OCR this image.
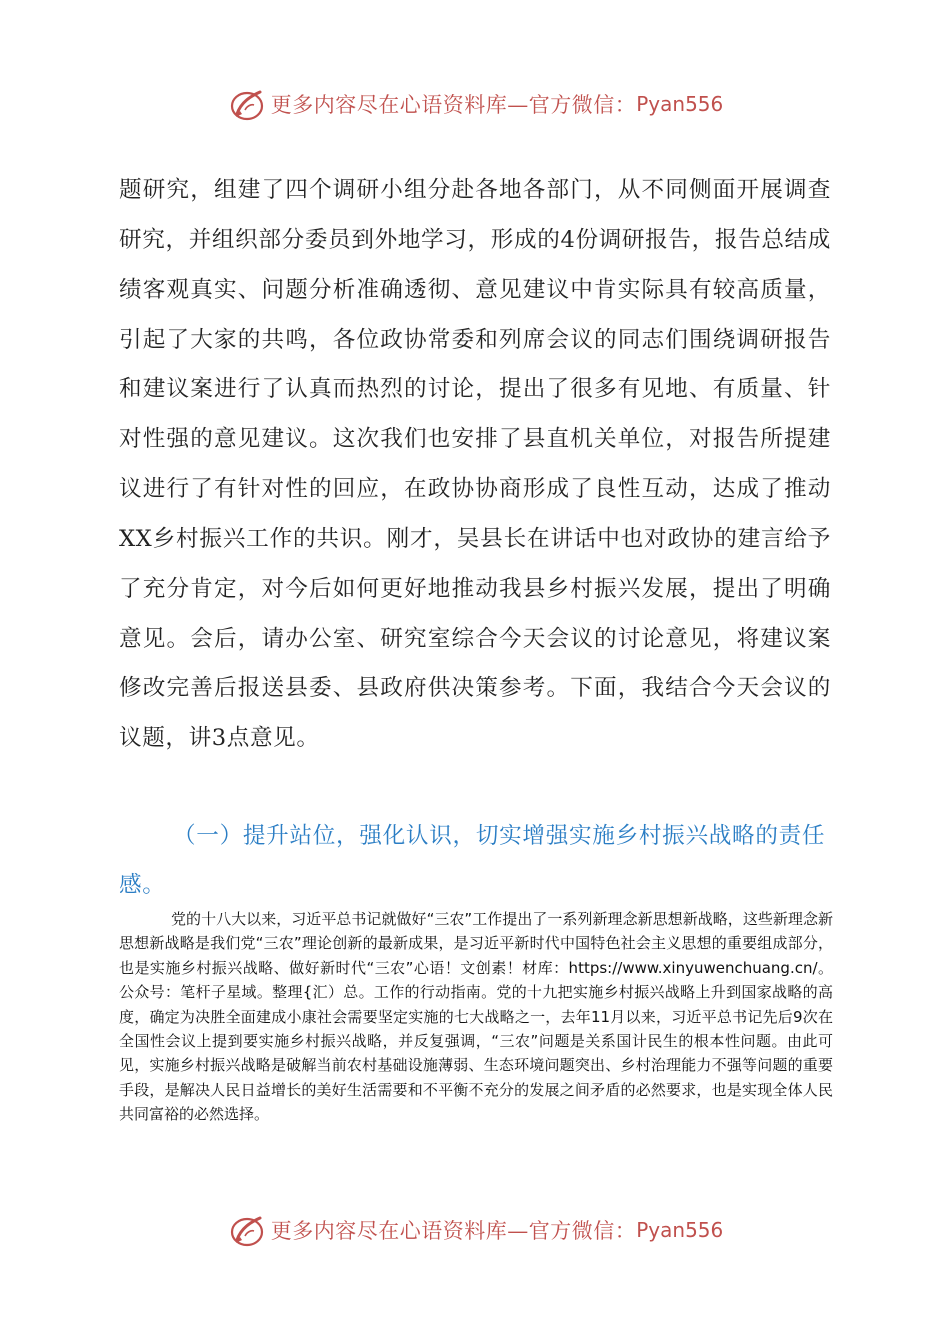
更多内容尽在心语资料库—官方微信： Pyan556

题研究，组建了四个调研小组分赴各地各部门，从不同侧面开展调查研究，并组织部分委员到外地学习，形成的4份调研报告，报告总结成绩客观真实、问题分析准确透彻、意见建议中肯实际具有较高质量，引起了大家的共鸣，各位政协常委和列席会议的同志们围绕调研报告和建议案进行了认真而热烈的讨论，提出了很多有见地、有质量、针对性强的意见建议。这次我们也安排了县直机关单位，对报告所提建议进行了有针对性的回应，在政协协商形成了良性互动，达成了推动XX乡村振兴工作的共识。刚才，吴县长在讲话中也对政协的建言给予了充分肯定，对今后如何更好地推动我县乡村振兴发展，提出了明确意见。会后，请办公室、研究室综合今天会议的讨论意见，将建议案修改完善后报送县委、县政府供决策参考。下面，我结合今天会议的议题，讲3点意见。

（一）提升站位，强化认识，切实增强实施乡村振兴战略的责任感。

党的十八大以来，习近平总书记就做好“三农”工作提出了一系列新理念新思想新战略，这些新理念新思想新战略是我们党“三农”理论创新的最新成果，是习近平新时代中国特色社会主义思想的重要组成部分，也是实施乡村振兴战略、做好新时代“三农”心语！文创素！材库：https://www.xinyuwenchuang.cn/。公众号：笔杆子星域。整理{汇）总。工作的行动指南。党的十九把实施乡村振兴战略上升到国家战略的高度，确定为决胜全面建成小康社会需要坚定实施的七大战略之一，去年11月以来，习近平总书记先后9次在全国性会议上提到要实施乡村振兴战略，并反复强调，“三农”问题是关系国计民生的根本性问题。由此可见，实施乡村振兴战略是破解当前农村基础设施薄弱、生态环境问题突出、乡村治理能力不强等问题的重要手段，是解决人民日益增长的美好生活需要和不平衡不充分的发展之间矛盾的必然要求，也是实现全体人民共同富裕的必然选择。

更多内容尽在心语资料库—官方微信： Pyan556
